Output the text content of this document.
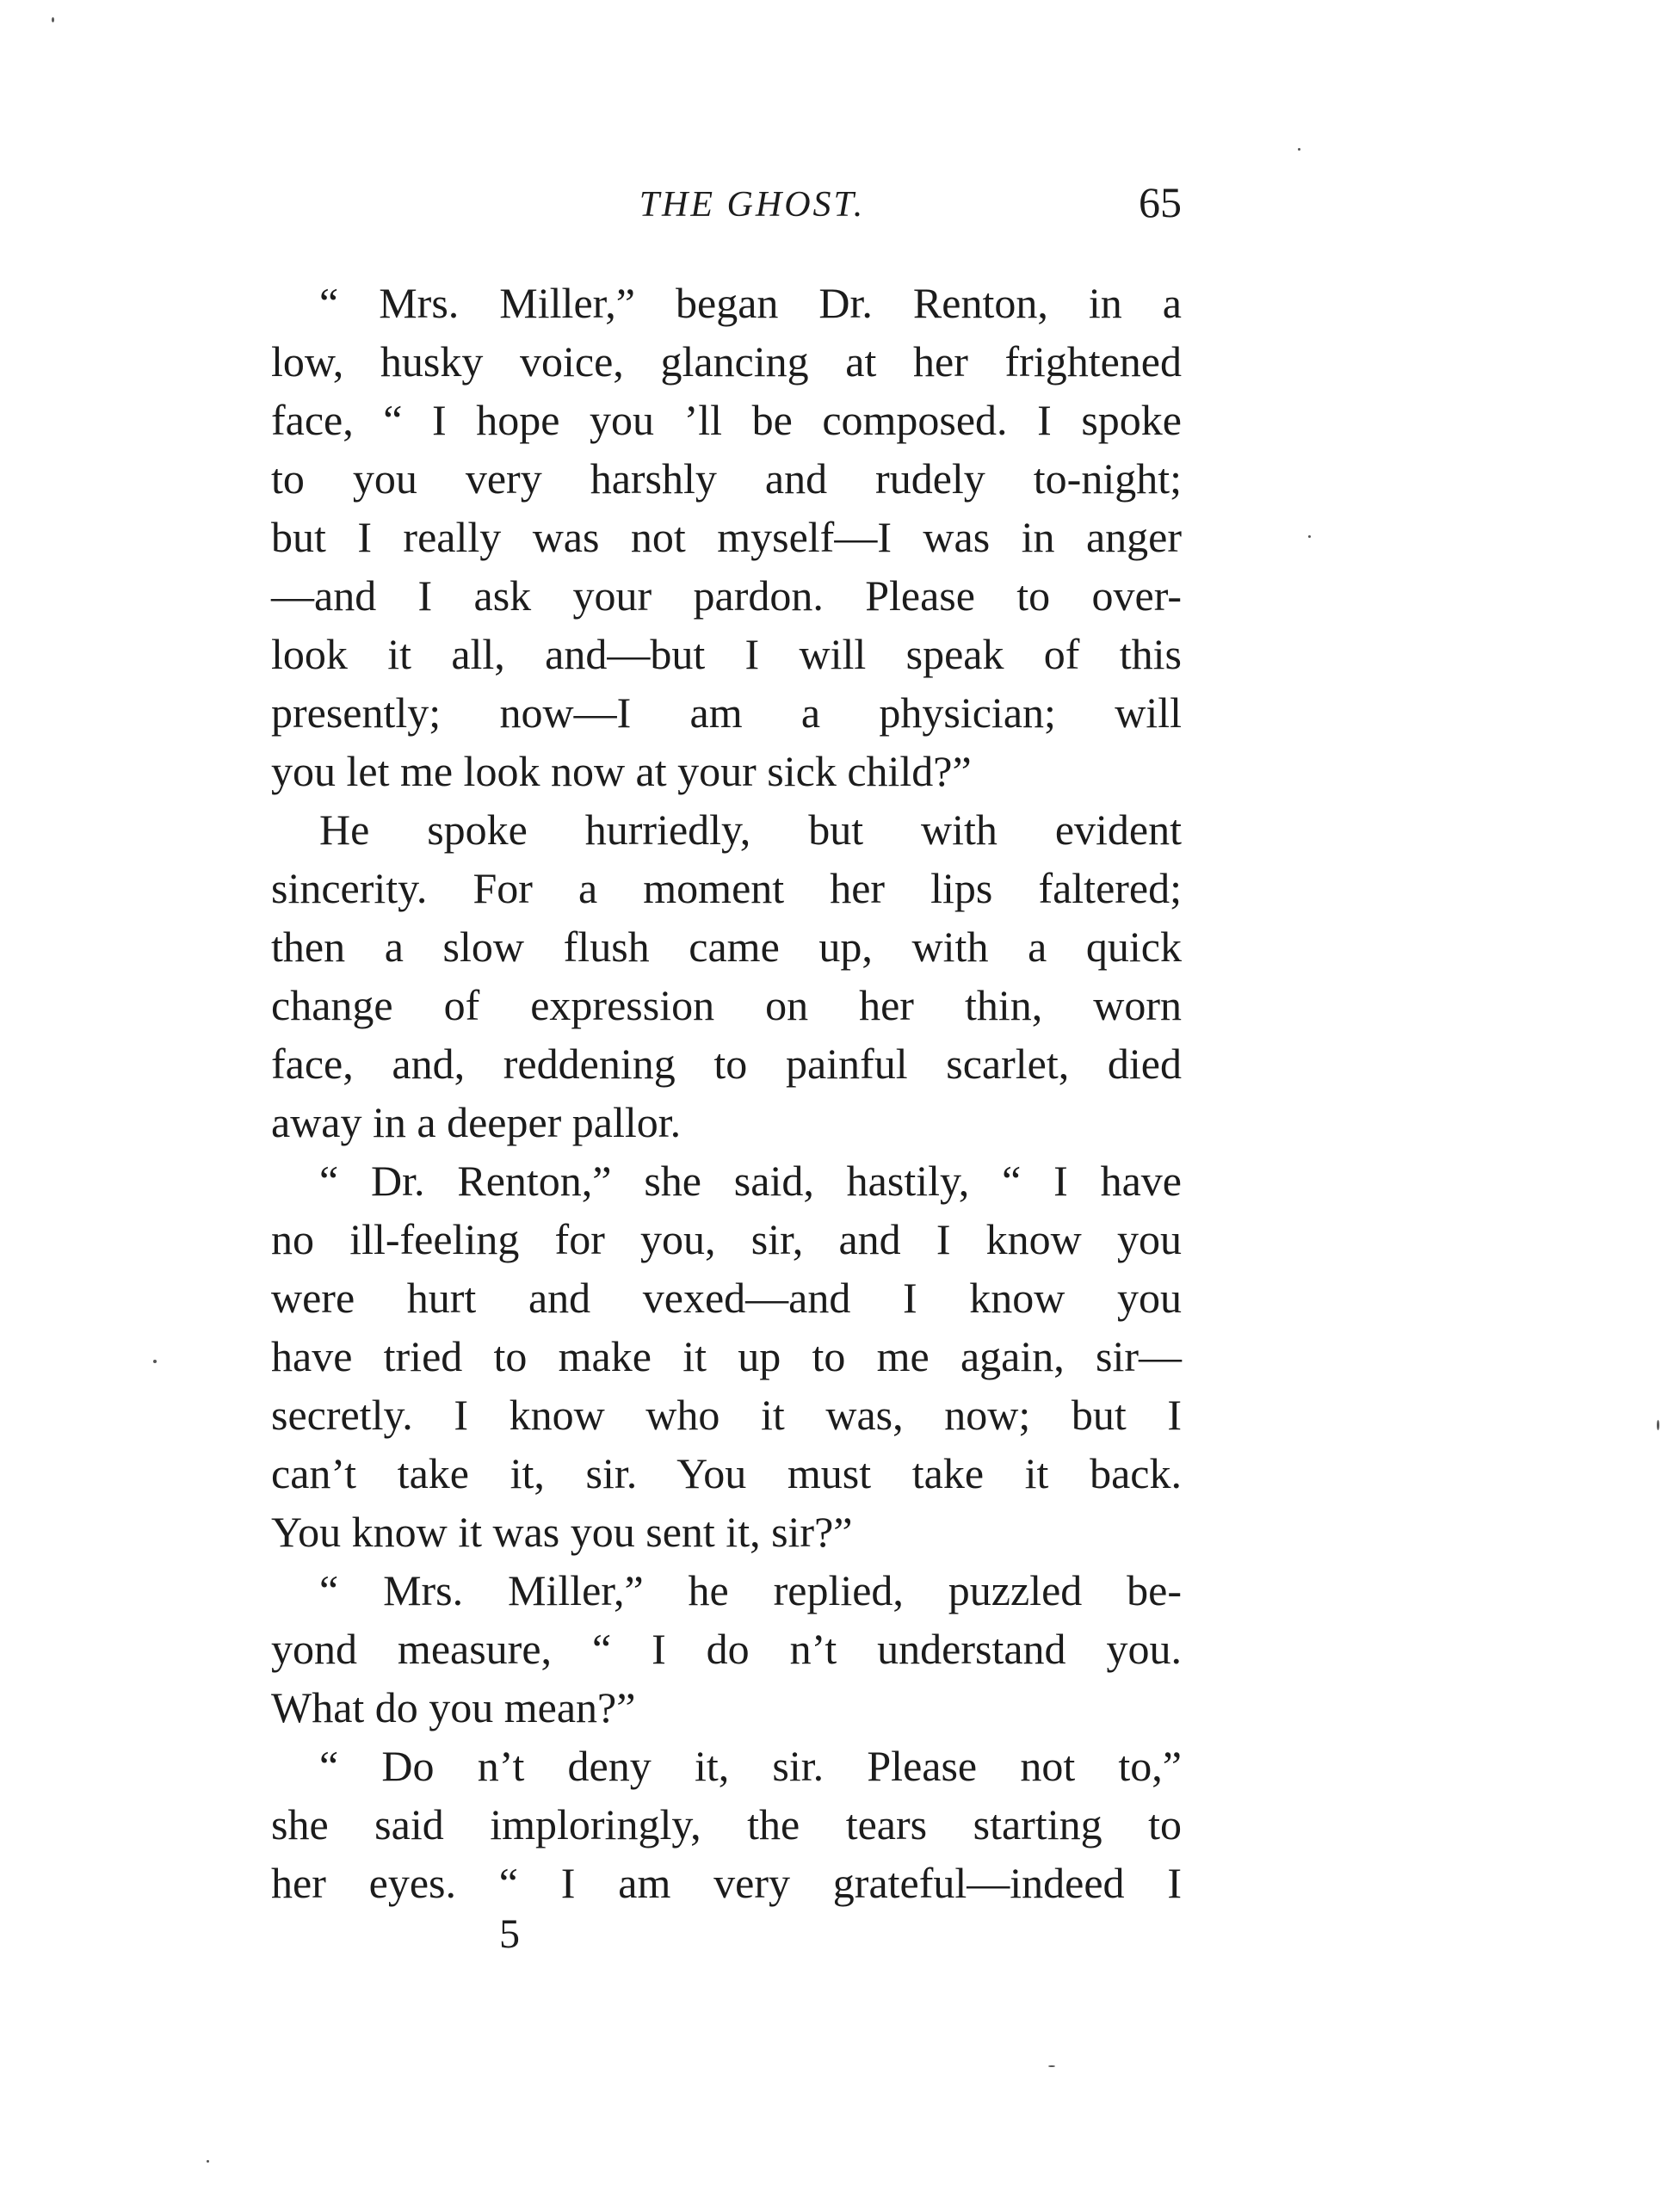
THE GHOST.	65
“ Mrs. Miller,” began Dr. Renton, in a
low, husky voice, glancing at her frightened
face, “ I hope you ’ll be composed. I spoke
to you very harshly and rudely to-night;
but I really was not myself—I was in anger
—and I ask your pardon. Please to over-
look it all, and—but I will speak of this
presently; now—I am a physician; will
you let me look now at your sick child?”
He spoke hurriedly, but with evident
sincerity. For a moment her lips faltered;
then a slow flush came up, with a quick
change of expression on her thin, worn
face, and, reddening to painful scarlet, died
away in a deeper pallor.
“ Dr. Renton,” she said, hastily, “ I have
no ill-feeling for you, sir, and I know you
were hurt and vexed—and I know you
have tried to make it up to me again, sir—
secretly. I know who it was, now; but I
can’t take it, sir. You must take it back.
You know it was you sent it, sir?”
“ Mrs. Miller,” he replied, puzzled be-
yond measure, “ I do n’t understand you.
What do you mean?”
“ Do n’t deny it, sir. Please not to,”
she said imploringly, the tears starting to
her eyes. “ I am very grateful—indeed I
5
